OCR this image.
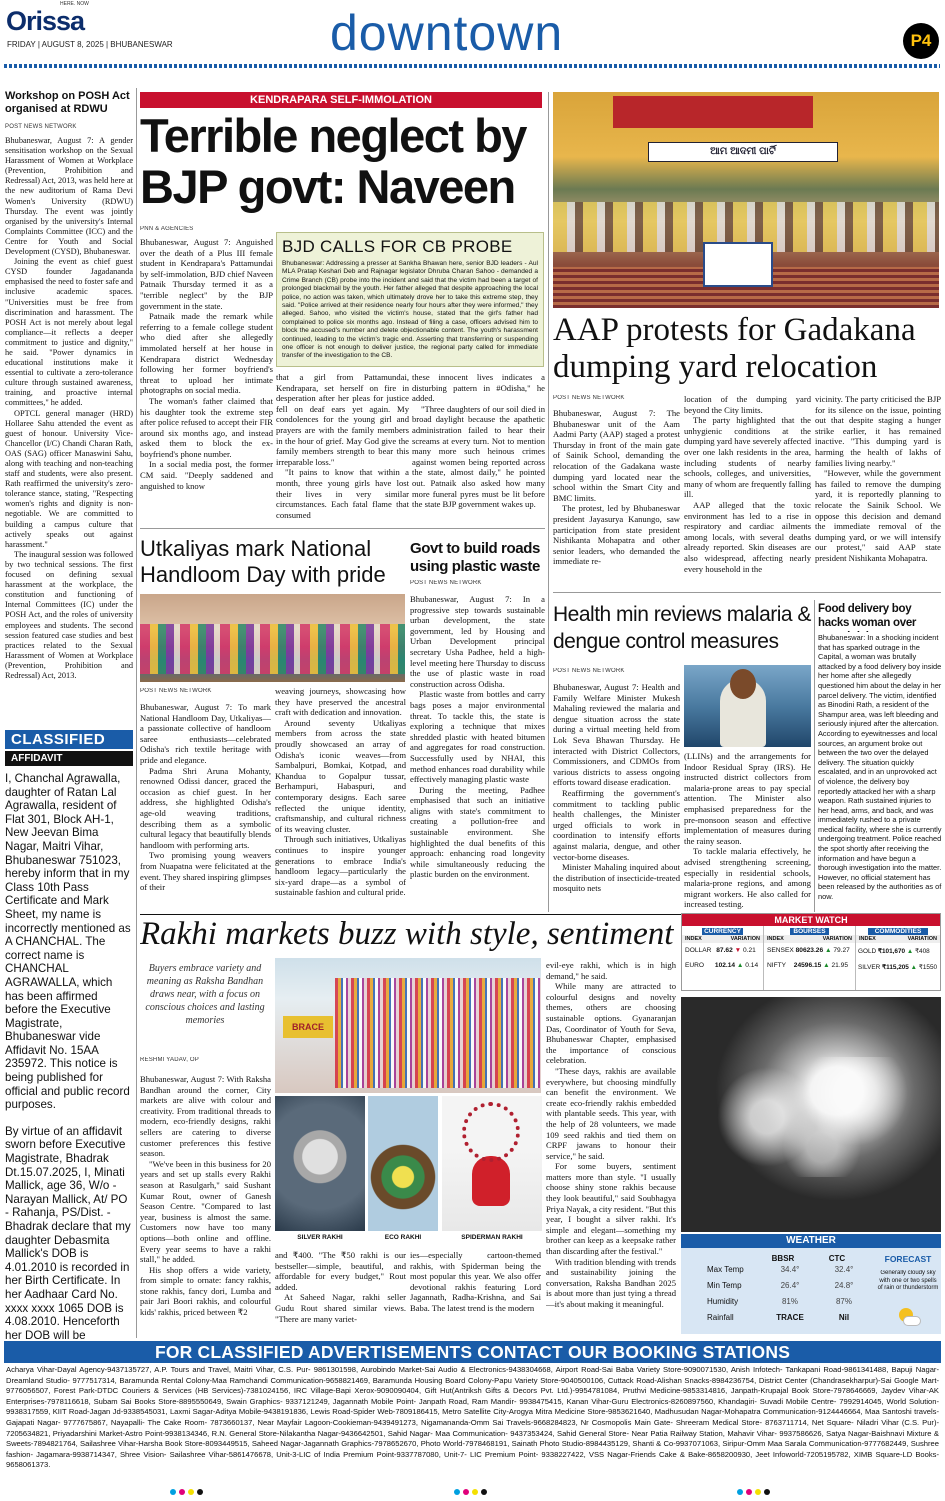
Orissa
HERE. NOW
FRIDAY | AUGUST 8, 2025 | BHUBANESWAR	downtown	P4
Workshop on POSH Act organised at RDWU
POST NEWS NETWORK

Bhubaneswar, August 7: A gender sensitisation workshop on the Sexual Harassment of Women at Workplace (Prevention, Prohibition and Redressal) Act, 2013, was held here at the new auditorium of Rama Devi Women's University (RDWU) Thursday. The event was jointly organised by the university's Internal Complaints Committee (ICC) and the Centre for Youth and Social Development (CYSD), Bhubaneswar.

Joining the event as chief guest CYSD founder Jagadananda emphasised the need to foster safe and inclusive academic spaces. "Universities must be free from discrimination and harassment. The POSH Act is not merely about legal compliance—it reflects a deeper commitment to justice and dignity," he said. "Power dynamics in educational institutions make it essential to cultivate a zero-tolerance culture through sustained awareness, training, and proactive internal committees," he added.

OPTCL general manager (HRD) Hollaree Sahu attended the event as guest of honour. University Vice-Chancellor (I/C) Chandi Charan Rath, OAS (SAG) officer Manaswini Sahu, along with teaching and non-teaching staff and students, were also present. Rath reaffirmed the university's zero-tolerance stance, stating, "Respecting women's rights and dignity is non-negotiable. We are committed to building a campus culture that actively speaks out against harassment."

The inaugural session was followed by two technical sessions. The first focused on defining sexual harassment at the workplace, the constitution and functioning of Internal Committees (IC) under the POSH Act, and the roles of university employees and students. The second session featured case studies and best practices related to the Sexual Harassment of Women at Workplace (Prevention, Prohibition and Redressal) Act, 2013.

CLASSIFIED
AFFIDAVIT
I, Chanchal Agrawalla, daughter of Ratan Lal Agrawalla, resident of Flat 301, Block AH-1, New Jeevan Bima Nagar, Maitri Vihar, Bhubaneswar 751023, hereby inform that in my Class 10th Pass Certificate and Mark Sheet, my name is incorrectly mentioned as A CHANCHAL. The correct name is CHANCHAL AGRAWALLA, which has been affirmed before the Executive Magistrate, Bhubaneswar vide Affidavit No. 15AA 235972. This notice is being published for official and public record purposes.
By virtue of an affidavit sworn before Executive Magistrate, Bhadrak Dt.15.07.2025, I, Minati Mallick, age 36, W/o - Narayan Mallick, At/ PO - Rahanja, PS/Dist. - Bhadrak declare that my daughter Debasmita Mallick's DOB is 4.01.2010 is recorded in her Birth Certificate. In her Aadhaar Card No. xxxx xxxx 1065 DOB is 4.08.2010. Henceforth her DOB will be
KENDRAPARA SELF-IMMOLATION
Terrible neglect by BJP govt: Naveen
PNN & AGENCIES

Bhubaneswar, August 7: Anguished over the death of a Plus III female student in Kendrapara's Pattamundai by self-immolation, BJD chief Naveen Patnaik Thursday termed it as a "terrible neglect" by the BJP government in the state.

Patnaik made the remark while referring to a female college student who died after she allegedly immolated herself at her house in Kendrapara district Wednesday following her former boyfriend's threat to upload her intimate photographs on social media.

The woman's father claimed that his daughter took the extreme step after police refused to accept their FIR around six months ago, and instead asked them to block the ex-boyfriend's phone number.

In a social media post, the former CM said. "Deeply saddened and anguished to know

BJD CALLS FOR CB PROBE
Bhubaneswar: Addressing a presser at Sankha Bhawan here, senior BJD leaders - Aul MLA Pratap Keshari Deb and Rajnagar legislator Dhruba Charan Sahoo - demanded a Crime Branch (CB) probe into the incident and said that the victim had been a target of prolonged blackmail by the youth. Her father alleged that despite approaching the local police, no action was taken, which ultimately drove her to take this extreme step, they said. "Police arrived at their residence nearly four hours after they were informed," they alleged. Sahoo, who visited the victim's house, stated that the girl's father had complained to police six months ago. Instead of filing a case, officers advised him to block the accused's number and delete objectionable content. The youth's harassment continued, leading to the victim's tragic end. Asserting that transferring or suspending one officer is not enough to deliver justice, the regional party called for immediate transfer of the investigation to the CB.

that a girl from Pattamundai, Kendrapara, set herself on fire in desperation after her pleas for justice fell on deaf ears yet again. My condolences for the young girl and prayers are with the family members in the hour of grief. May God give the family members strength to bear this irreparable loss."

"It pains to know that within a month, three young girls have lost their lives in very similar circumstances. Each fatal flame that consumed

these innocent lives indicates a disturbing pattern in #Odisha," he added.

"Three daughters of our soil died in broad daylight because the apathetic administration failed to hear their screams at every turn. Not to mention many more such heinous crimes against women being reported across the state, almost daily," he pointed out. Patnaik also asked how many more funeral pyres must be lit before the state BJP government wakes up.

ଆମ ଆଦମୀ ପାର୍ଟି
AAP protests for Gadakana dumping yard relocation
POST NEWS NETWORK

Bhubaneswar, August 7: The Bhubaneswar unit of the Aam Aadmi Party (AAP) staged a protest Thursday in front of the main gate of Sainik School, demanding the relocation of the Gadakana waste dumping yard located near the school within the Smart City and BMC limits.

The protest, led by Bhubaneswar president Jayasurya Kanungo, saw participation from state president Nishikanta Mohapatra and other senior leaders, who demanded the immediate re-

location of the dumping yard beyond the City limits.

The party highlighted that the unhygienic conditions at the dumping yard have severely affected over one lakh residents in the area, including students of nearby schools, colleges, and universities, many of whom are frequently falling ill.

AAP alleged that the toxic environment has led to a rise in respiratory and cardiac ailments among locals, with several deaths already reported. Skin diseases are also widespread, affecting nearly every household in the

vicinity. The party criticised the BJP for its silence on the issue, pointing out that despite staging a hunger strike earlier, it has remained inactive. "This dumping yard is harming the health of lakhs of families living nearby."

"However, while the government has failed to remove the dumping yard, it is reportedly planning to relocate the Sainik School. We oppose this decision and demand the immediate removal of the dumping yard, or we will intensify our protest," said AAP state president Nishikanta Mohapatra.

Utkaliyas mark National Handloom Day with pride
POST NEWS NETWORK

Bhubaneswar, August 7: To mark National Handloom Day, Utkaliyas—a passionate collective of handloom saree enthusiasts—celebrated Odisha's rich textile heritage with pride and elegance.

Padma Shri Aruna Mohanty, renowned Odissi dancer, graced the occasion as chief guest. In her address, she highlighted Odisha's age-old weaving traditions, describing them as a symbolic cultural legacy that beautifully blends handloom with performing arts.

Two promising young weavers from Nuapatna were felicitated at the event. They shared inspiring glimpses of their

weaving journeys, showcasing how they have preserved the ancestral craft with dedication and innovation.

Around seventy Utkaliyas members from across the state proudly showcased an array of Odisha's iconic weaves—from Sambalpuri, Bomkai, Kotpad, and Khandua to Gopalpur tussar, Berhampuri, Habaspuri, and contemporary designs. Each saree reflected the unique identity, craftsmanship, and cultural richness of its weaving cluster.

Through such initiatives, Utkaliyas continues to inspire younger generations to embrace India's handloom legacy—particularly the six-yard drape—as a symbol of sustainable fashion and cultural pride.

Govt to build roads using plastic waste
POST NEWS NETWORK

Bhubaneswar, August 7: In a progressive step towards sustainable urban development, the state government, led by Housing and Urban Development principal secretary Usha Padhee, held a high-level meeting here Thursday to discuss the use of plastic waste in road construction across Odisha.

Plastic waste from bottles and carry bags poses a major environmental threat. To tackle this, the state is exploring a technique that mixes shredded plastic with heated bitumen and aggregates for road construction. Successfully used by NHAI, this method enhances road durability while effectively managing plastic waste

During the meeting, Padhee emphasised that such an initiative aligns with state's commitment to creating a pollution-free and sustainable environment. She highlighted the dual benefits of this approach: enhancing road longevity while simultaneously reducing the plastic burden on the environment.

Health min reviews malaria & dengue control measures
POST NEWS NETWORK

Bhubaneswar, August 7: Health and Family Welfare Minister Mukesh Mahaling reviewed the malaria and dengue situation across the state during a virtual meeting held from Lok Seva Bhawan Thursday. He interacted with District Collectors, Commissioners, and CDMOs from various districts to assess ongoing efforts toward disease eradication.

Reaffirming the government's commitment to tackling public health challenges, the Minister urged officials to work in coordination to intensify efforts against malaria, dengue, and other vector-borne diseases.

Minister Mahaling inquired about the distribution of insecticide-treated mosquito nets

(LLINs) and the arrangements for Indoor Residual Spray (IRS). He instructed district collectors from malaria-prone areas to pay special attention. The Minister also emphasised preparedness for the pre-monsoon season and effective implementation of measures during the rainy season.

To tackle malaria effectively, he advised strengthening screening, especially in residential schools, malaria-prone regions, and among migrant workers. He also called for increased testing.

Food delivery boy hacks woman over
Bhubaneswar: In a shocking incident that has sparked outrage in the Capital, a woman was brutally attacked by a food delivery boy inside her home after she allegedly questioned him about the delay in her parcel delivery. The victim, identified as Binodini Rath, a resident of the Shampur area, was left bleeding and seriously injured after the altercation. According to eyewitnesses and local sources, an argument broke out between the two over the delayed delivery. The situation quickly escalated, and in an unprovoked act of violence, the delivery boy reportedly attacked her with a sharp weapon. Rath sustained injuries to her head, arms, and back, and was immediately rushed to a private medical facility, where she is currently undergoing treatment. Police reached the spot shortly after receiving the information and have begun a thorough investigation into the matter. However, no official statement has been released by the authorities as of now.
Rakhi markets buzz with style, sentiment
Buyers embrace variety and meaning as Raksha Bandhan draws near, with a focus on conscious choices and lasting memories
RESHMI YADAV, OP

Bhubaneswar, August 7: With Raksha Bandhan around the corner, City markets are alive with colour and creativity. From traditional threads to modern, eco-friendly designs, rakhi sellers are catering to diverse customer preferences this festive season.

"We've been in this business for 20 years and set up stalls every Rakhi season at Rasulgarh," said Sushant Kumar Rout, owner of Ganesh Season Centre. "Compared to last year, business is almost the same. Customers now have too many options—both online and offline. Every year seems to have a rakhi stall," he added.

His shop offers a wide variety, from simple to ornate: fancy rakhis, stone rakhis, fancy dori, Lumba and pair Jari Boori rakhis, and colourful kids' rakhis, priced between ₹2

BRACE
SILVER RAKHI	ECO RAKHI	SPIDERMAN RAKHI

and ₹400. "The ₹50 rakhi is our bestseller—simple, beautiful, and affordable for every budget," Rout added.

At Saheed Nagar, rakhi seller Gudu Rout shared similar views. "There are many variet-

ies—especially cartoon-themed rakhis, with Spiderman being the most popular this year. We also offer devotional rakhis featuring Lord Jagannath, Radha-Krishna, and Sai Baba. The latest trend is the modern

evil-eye rakhi, which is in high demand," he said.

While many are attracted to colourful designs and novelty themes, others are choosing sustainable options. Gyanaranjan Das, Coordinator of Youth for Seva, Bhubaneswar Chapter, emphasised the importance of conscious celebration.

"These days, rakhis are available everywhere, but choosing mindfully can benefit the environment. We create eco-friendly rakhis embedded with plantable seeds. This year, with the help of 28 volunteers, we made 109 seed rakhis and tied them on CRPF jawans to honour their service," he said.

For some buyers, sentiment matters more than style. "I usually choose shiny stone rakhis because they look beautiful," said Soubhagya Priya Nayak, a city resident. "But this year, I bought a silver rakhi. It's simple and elegant—something my brother can keep as a keepsake rather than discarding after the festival."

With tradition blending with trends and sustainability joining the conversation, Raksha Bandhan 2025 is about more than just tying a thread—it's about making it meaningful.

MARKET WATCH
CURRENCY
INDEX	VARIATION
DOLLAR 87.62 ▼ 0.21
EURO 102.14 ▲ 0.14
BOURSES
INDEX	VARIATION
SENSEX 80623.26 ▲ 79.27
NIFTY 24596.15 ▲ 21.95
COMMODITIES
INDEX	VARIATION
GOLD ₹101,670 ▲ ₹408
SILVER ₹115,205 ▲ ₹1550
WEATHER
BBSR	CTC	FORECAST
Generally cloudy sky with one or two spells of rain or thunderstorm
Max Temp	34.4°	32.4°
Min Temp	26.4°	24.8°
Humidity	81%	87%
Rainfall	TRACE	Nil
FOR CLASSIFIED ADVERTISEMENTS CONTACT OUR BOOKING STATIONS
Acharya Vihar-Dayal Agency-9437135727, A.P. Tours and Travel, Maitri Vihar, C.S. Pur- 9861301598, Aurobindo Market-Sai Audio & Electronics-9438304668, Airport Road-Sai Baba Variety Store-9090071530, Anish Infotech- Tankapani Road-9861341488, Bapuji Nagar- Dreamland Studio- 9777517314, Baramunda Rental Colony-Maa Ramchandi Communication-9658821469, Baramunda Housing Board Colony-Papu Variety Store-9040500106, Cuttack Road-Alishan Snacks-8984236754, District Center (Chandrasekharpur)-Sai Google Mart-9776056507, Forest Park-DTDC Couriers & Services (HB Services)-7381024156, IRC Village-Bapi Xerox-9090090404, Gift Hut(Antriksh Gifts & Decors Pvt. Ltd.)-9954781084, Pruthvi Medicine-9853314816, Janpath-Krupajal Book Store-7978646669, Jaydev Vihar-AK Enterprises-7978116618, Subam Sai Books Store-8895550649, Swain Graphics- 9337121249, Jagannath Mobile Point- Janpath Road, Ram Mandir- 9938475415, Kanan Vihar-Guru Electronics-8260897560, Khandagiri- Suvadi Mobile Centre- 7992914045, World Solution- 9938317559, KIIT Road-Jagan Jd-9338545031, Laxmi Sagar-Aditya Mobile-9438191836, Lewis Road-Spider Web-7809186415, Metro Satellite City-Arogya Mitra Medicine Store-9853621640, Madhusudan Nagar-Mohapatra Communication-9124446664, Maa Santoshi travels- Gajapati Nagar- 9777675867, Nayapalli- The Cake Room- 7873660137, Near Mayfair Lagoon-Cookieman-9439491273, Nigamananda-Omm Sai Travels-9668284823, Nr Cosmopolis Main Gate- Shreeram Medical Store- 8763711714, Net Square- Niladri Vihar (C.S. Pur)- 7205634821, Priyadarshini Market-Astro Point-9938134346, R.N. General Store-Nilakantha Nagar-9436642501, Sahid Nagar- Maa Communication- 9437353424, Sahid General Store- Near Patia Railway Station, Mahavir Vihar- 9937586626, Satya Nagar-Baishnavi Mixture & Sweets-7894821764, Sailashree Vihar-Harsha Book Store-8093449515, Saheed Nagar-Jagannath Graphics-7978652670, Photo World-7978468191, Sainath Photo Studio-8984435129, Shanti & Co-9937071063, Siripur-Omm Maa Sarala Communication-9777682449, Sushree fashion- Jagamara-9938714347, Shree Vision- Sailashree Vihar-5861476678, Unit-3-LIC of India Premium Point-9337787080, Unit-7- LIC Premium Point- 9338227422, VSS Nagar-Friends Cake & Bake-8658200930, Jeet Infoworld-7205195782, XIMB Square-LD Books-9658061373.
